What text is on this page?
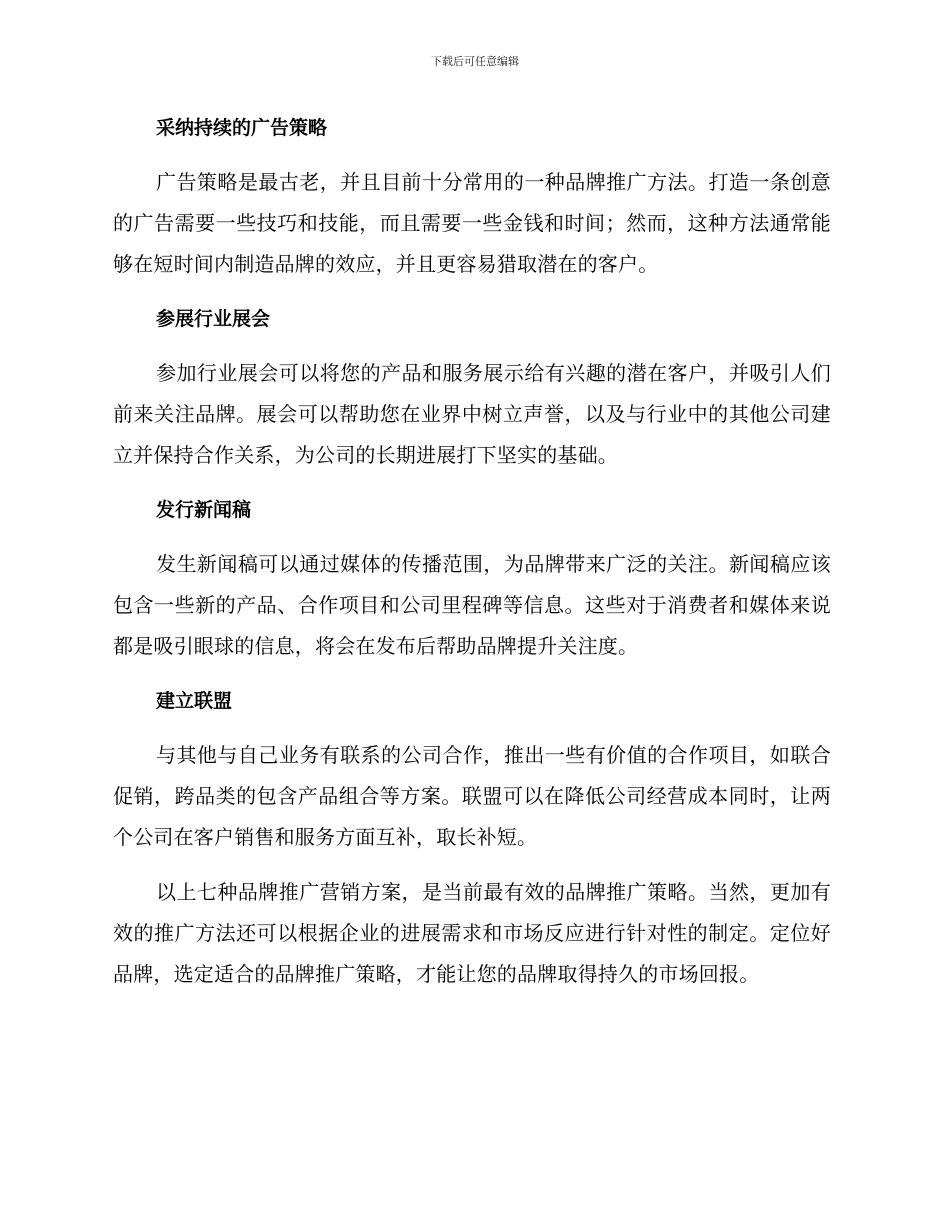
下载后可任意编辑
采纳持续的广告策略

广告策略是最古老，并且目前十分常用的一种品牌推广方法。打造一条创意的广告需要一些技巧和技能，而且需要一些金钱和时间；然而，这种方法通常能够在短时间内制造品牌的效应，并且更容易猎取潜在的客户。

参展行业展会

参加行业展会可以将您的产品和服务展示给有兴趣的潜在客户，并吸引人们前来关注品牌。展会可以帮助您在业界中树立声誉，以及与行业中的其他公司建立并保持合作关系，为公司的长期进展打下坚实的基础。

发行新闻稿

发生新闻稿可以通过媒体的传播范围，为品牌带来广泛的关注。新闻稿应该包含一些新的产品、合作项目和公司里程碑等信息。这些对于消费者和媒体来说都是吸引眼球的信息，将会在发布后帮助品牌提升关注度。

建立联盟

与其他与自己业务有联系的公司合作，推出一些有价值的合作项目，如联合促销，跨品类的包含产品组合等方案。联盟可以在降低公司经营成本同时，让两个公司在客户销售和服务方面互补，取长补短。

以上七种品牌推广营销方案，是当前最有效的品牌推广策略。当然，更加有效的推广方法还可以根据企业的进展需求和市场反应进行针对性的制定。定位好品牌，选定适合的品牌推广策略，才能让您的品牌取得持久的市场回报。
